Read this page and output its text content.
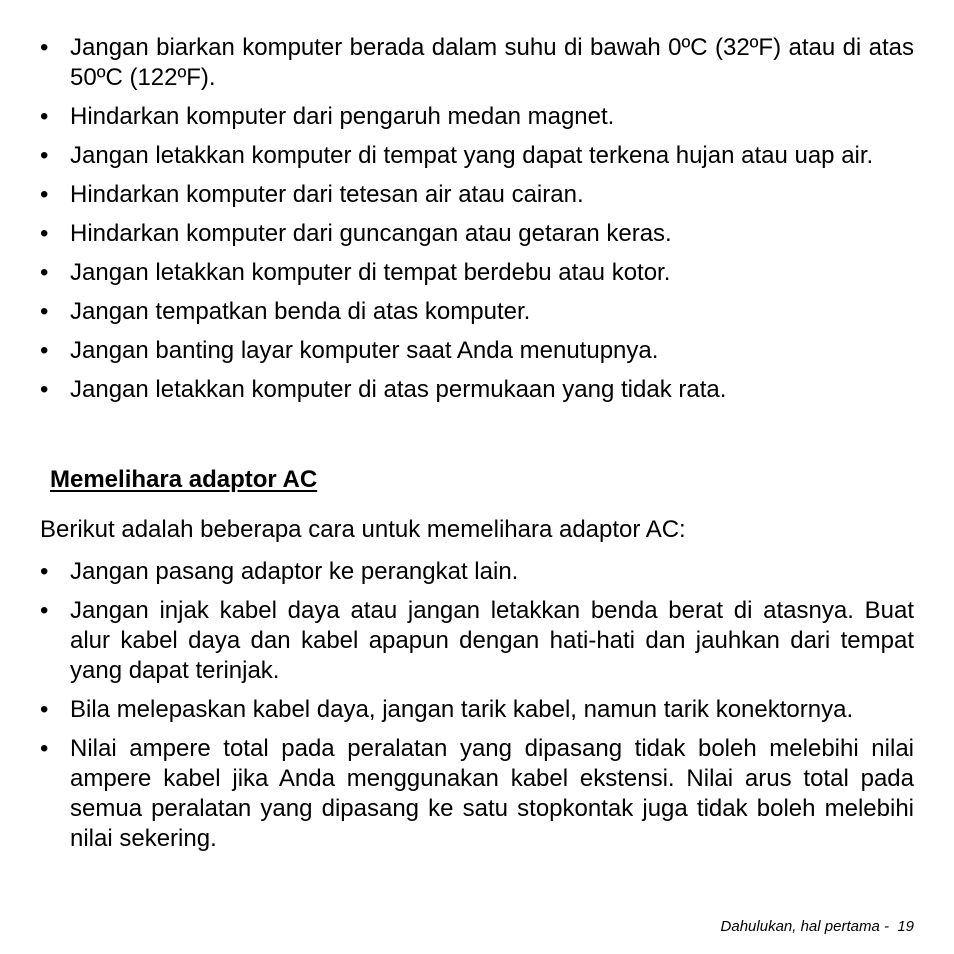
• Jangan biarkan komputer berada dalam suhu di bawah 0ºC (32ºF) atau di atas 50ºC (122ºF).
• Hindarkan komputer dari pengaruh medan magnet.
• Jangan letakkan komputer di tempat yang dapat terkena hujan atau uap air.
• Hindarkan komputer dari tetesan air atau cairan.
• Hindarkan komputer dari guncangan atau getaran keras.
• Jangan letakkan komputer di tempat berdebu atau kotor.
• Jangan tempatkan benda di atas komputer.
• Jangan banting layar komputer saat Anda menutupnya.
• Jangan letakkan komputer di atas permukaan yang tidak rata.
Memelihara adaptor AC

Berikut adalah beberapa cara untuk memelihara adaptor AC:

• Jangan pasang adaptor ke perangkat lain.
• Jangan injak kabel daya atau jangan letakkan benda berat di atasnya. Buat alur kabel daya dan kabel apapun dengan hati-hati dan jauhkan dari tempat yang dapat terinjak.
• Bila melepaskan kabel daya, jangan tarik kabel, namun tarik konektornya.
• Nilai ampere total pada peralatan yang dipasang tidak boleh melebihi nilai ampere kabel jika Anda menggunakan kabel ekstensi. Nilai arus total pada semua peralatan yang dipasang ke satu stopkontak juga tidak boleh melebihi nilai sekering.
Dahulukan, hal pertama - 19
